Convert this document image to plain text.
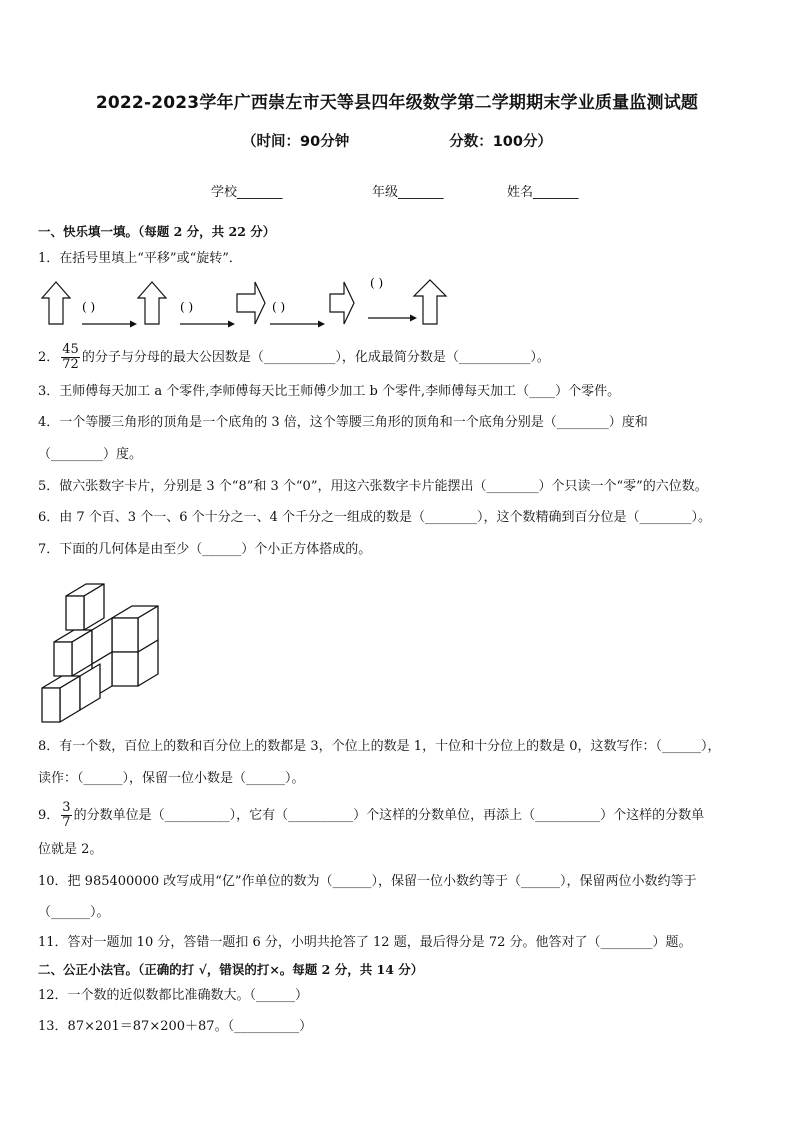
2022-2023学年广西崇左市天等县四年级数学第二学期期末学业质量监测试题
（时间：90分钟	分数：100分）
学校_______	年级_______	姓名_______
一、快乐填一填。（每题 2 分，共 22 分）
1．在括号里填上“平移”或“旋转”．
( )	( )	( )
( )
2． $\frac{45}{72}$ 的分子与分母的最大公因数是（___________），化成最简分数是（___________）。
3．王师傅每天加工 a 个零件,李师傅每天比王师傅少加工 b 个零件,李师傅每天加工（____）个零件。
4．一个等腰三角形的顶角是一个底角的 3 倍，这个等腰三角形的顶角和一个底角分别是（________）度和
（________）度。
5．做六张数字卡片，分别是 3 个“8”和 3 个“0”，用这六张数字卡片能摆出（________）个只读一个“零”的六位数。
6．由 7 个百、3 个一、6 个十分之一、4 个千分之一组成的数是（________），这个数精确到百分位是（________）。
7．下面的几何体是由至少（______）个小正方体搭成的。
8．有一个数，百位上的数和百分位上的数都是 3，个位上的数是 1，十位和十分位上的数是 0，这数写作：（______），
读作：（______），保留一位小数是（______）。
9． $\frac{3}{7}$ 的分数单位是（__________），它有（__________）个这样的分数单位，再添上（__________）个这样的分数单
位就是 2。
10．把 985400000 改写成用“亿”作单位的数为（______），保留一位小数约等于（______），保留两位小数约等于
（______）。
11．答对一题加 10 分，答错一题扣 6 分，小明共抢答了 12 题，最后得分是 72 分。他答对了（________）题。
二、公正小法官。（正确的打 √，错误的打×。每题 2 分，共 14 分）
12．一个数的近似数都比准确数大。（______）
13．87×201＝87×200＋87。（__________）
